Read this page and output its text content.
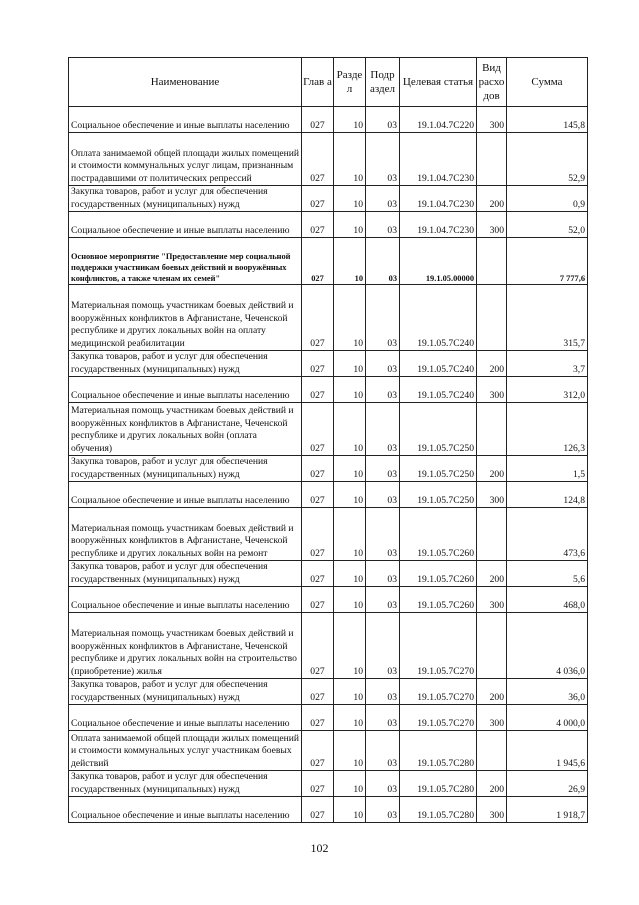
Наименование	Глав а	Разде л	Подр аздел	Целевая статья	Вид расхо дов	Сумма
Социальное обеспечение и иные выплаты населению	027	10	03	19.1.04.7С220	300	145,8
Оплата занимаемой общей площади жилых помещений и стоимости коммунальных услуг лицам, признанным пострадавшими от политических репрессий	027	10	03	19.1.04.7С230		52,9
Закупка товаров, работ и услуг для обеспечения государственных (муниципальных) нужд	027	10	03	19.1.04.7С230	200	0,9
Социальное обеспечение и иные выплаты населению	027	10	03	19.1.04.7С230	300	52,0
Основное мероприятие "Предоставление мер социальной поддержки участникам боевых действий и вооружённых конфликтов, а также членам их семей"	027	10	03	19.1.05.00000		7 777,6
Материальная помощь участникам боевых действий и вооружённых конфликтов в Афганистане, Чеченской республике и других локальных войн на оплату медицинской реабилитации	027	10	03	19.1.05.7С240		315,7
Закупка товаров, работ и услуг для обеспечения государственных (муниципальных) нужд	027	10	03	19.1.05.7С240	200	3,7
Социальное обеспечение и иные выплаты населению	027	10	03	19.1.05.7С240	300	312,0
Материальная помощь участникам боевых действий и вооружённых конфликтов в Афганистане, Чеченской республике и других локальных войн (оплата обучения)	027	10	03	19.1.05.7С250		126,3
Закупка товаров, работ и услуг для обеспечения государственных (муниципальных) нужд	027	10	03	19.1.05.7С250	200	1,5
Социальное обеспечение и иные выплаты населению	027	10	03	19.1.05.7С250	300	124,8
Материальная помощь участникам боевых действий и вооружённых конфликтов в Афганистане, Чеченской республике и других локальных войн на ремонт	027	10	03	19.1.05.7С260		473,6
Закупка товаров, работ и услуг для обеспечения государственных (муниципальных) нужд	027	10	03	19.1.05.7С260	200	5,6
Социальное обеспечение и иные выплаты населению	027	10	03	19.1.05.7С260	300	468,0
Материальная помощь участникам боевых действий и вооружённых конфликтов в Афганистане, Чеченской республике и других локальных войн на строительство (приобретение) жилья	027	10	03	19.1.05.7С270		4 036,0
Закупка товаров, работ и услуг для обеспечения государственных (муниципальных) нужд	027	10	03	19.1.05.7С270	200	36,0
Социальное обеспечение и иные выплаты населению	027	10	03	19.1.05.7С270	300	4 000,0
Оплата занимаемой общей площади жилых помещений и стоимости коммунальных услуг участникам боевых действий	027	10	03	19.1.05.7С280		1 945,6
Закупка товаров, работ и услуг для обеспечения государственных (муниципальных) нужд	027	10	03	19.1.05.7С280	200	26,9
Социальное обеспечение и иные выплаты населению	027	10	03	19.1.05.7С280	300	1 918,7
102
